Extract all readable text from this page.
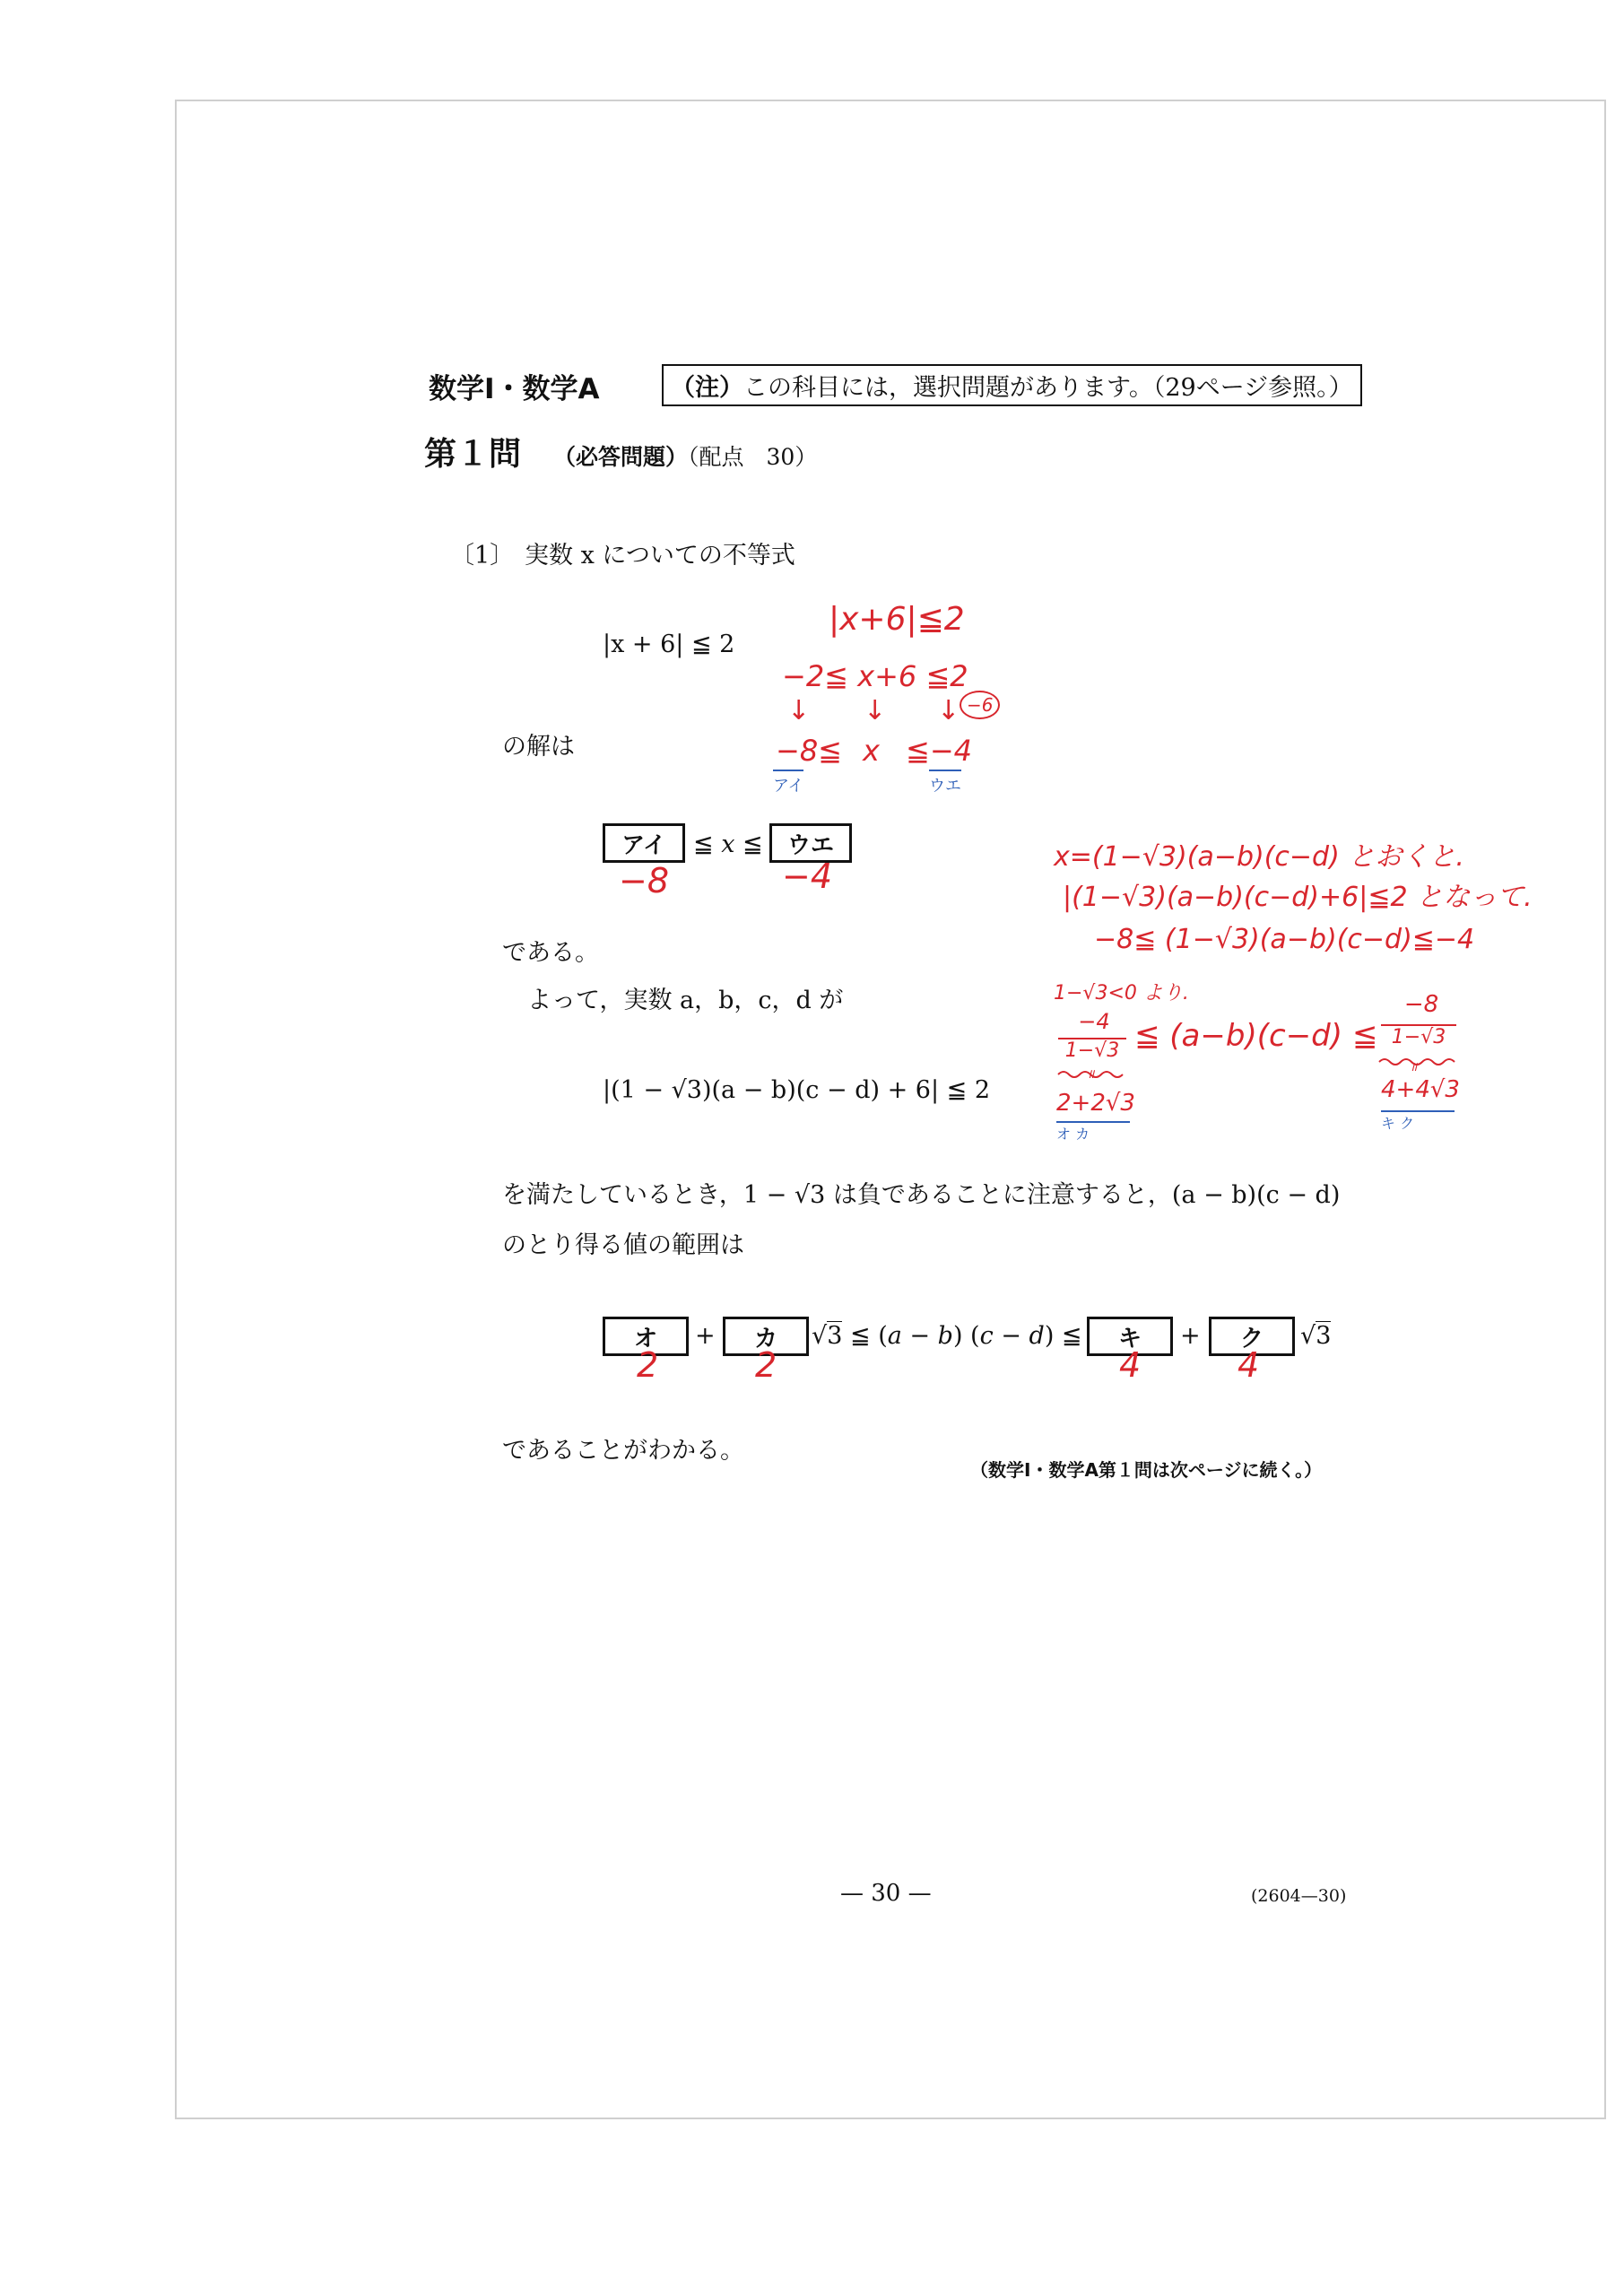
数学Ⅰ・数学A	（注）この科目には，選択問題があります。（29ページ参照。）
第１問 （必答問題）（配点　30）
〔1〕 実数 x についての不等式
|x + 6| ≦ 2
の解は
アイ	≦ x ≦	ウエ
である。
よって，実数 a，b，c，d が
|(1 − √3)(a − b)(c − d) + 6| ≦ 2
を満たしているとき，1 − √3 は負であることに注意すると，(a − b)(c − d)
のとり得る値の範囲は
オ	+	カ	√3 ≦ (a − b) (c − d) ≦	キ	+	ク	√3
であることがわかる。
（数学Ⅰ・数学A第１問は次ページに続く。）
— 30 —	(2604—30)
|x+6|≦2
−2≦ x+6 ≦2
↓ ↓ ↓ −6
−8≦ x ≦−4
アイ	ウエ
−8	−4	x=(1−√3)(a−b)(c−d) とおくと.
|(1−√3)(a−b)(c−d)+6|≦2 となって.
−8≦ (1−√3)(a−b)(c−d)≦−4
1−√3<0 より.
−4
1−√3 ≦ (a−b)(c−d) ≦
−8
1−√3
॥	॥
2+2√3	4+4√3
オ カ
キ ク
2	2	4	4
